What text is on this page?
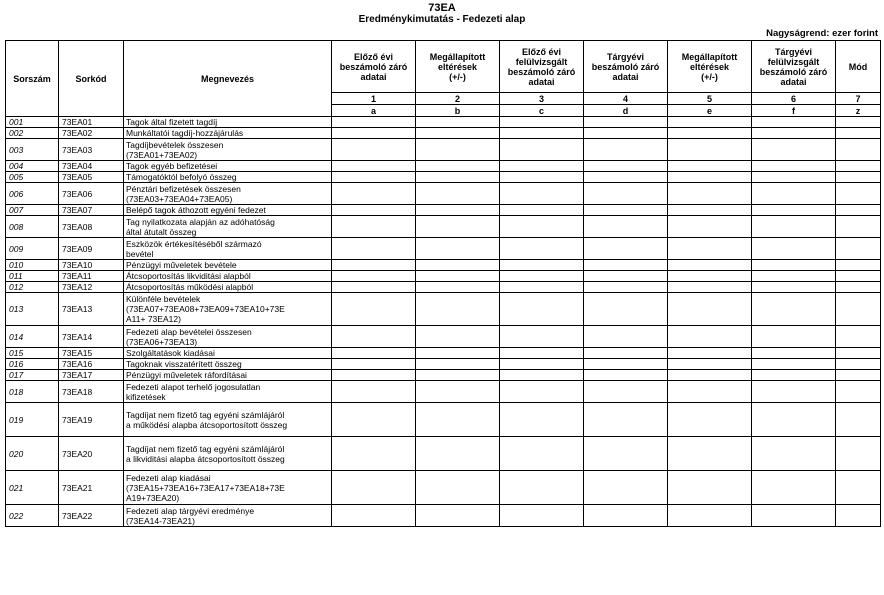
73EA
Eredménykimutatás - Fedezeti alap
Nagyságrend: ezer forint
Sorszám	Sorkód	Megnevezés	Előző évi
beszámoló záró
adatai	Megállapított
eltérések
(+/-)	Előző évi
felülvizsgált
beszámoló záró
adatai	Tárgyévi
beszámoló záró
adatai	Megállapított
eltérések
(+/-)	Tárgyévi
felülvizsgált
beszámoló záró
adatai	Mód
			1	2	3	4	5	6	7
			a	b	c	d	e	f	z
001	73EA01	Tagok által fizetett tagdíj							

002	73EA02	Munkáltatói tagdíj-hozzájárulás							

003	73EA03	Tagdíjbevételek összesen
(73EA01+73EA02)							

004	73EA04	Tagok egyéb befizetései							

005	73EA05	Támogatóktól befolyó összeg							

006	73EA06	Pénztári befizetések összesen
(73EA03+73EA04+73EA05)							

007	73EA07	Belépő tagok áthozott egyéni fedezet							

008	73EA08	Tag nyilatkozata alapján az adóhatóság
által átutalt összeg							

009	73EA09	Eszközök értékesítéséből származó
bevétel							

010	73EA10	Pénzügyi műveletek bevétele							

011	73EA11	Átcsoportosítás likviditási alapból							

012	73EA12	Átcsoportosítás működési alapból							

013	73EA13	Különféle bevételek
(73EA07+73EA08+73EA09+73EA10+73E
A11+ 73EA12)							

014	73EA14	Fedezeti alap bevételei összesen
(73EA06+73EA13)							

015	73EA15	Szolgáltatások kiadásai							

016	73EA16	Tagoknak visszatérített összeg							

017	73EA17	Pénzügyi műveletek ráfordításai							

018	73EA18	Fedezeti alapot terhelő jogosulatlan
kifizetések							

019	73EA19	Tagdíjat nem fizető tag egyéni számlájáról
a működési alapba átcsoportosított összeg							

020	73EA20	Tagdíjat nem fizető tag egyéni számlájáról
a likviditási alapba átcsoportosított összeg							

021	73EA21	Fedezeti alap kiadásai
(73EA15+73EA16+73EA17+73EA18+73E
A19+73EA20)							

022	73EA22	Fedezeti alap tárgyévi eredménye
(73EA14-73EA21)							
